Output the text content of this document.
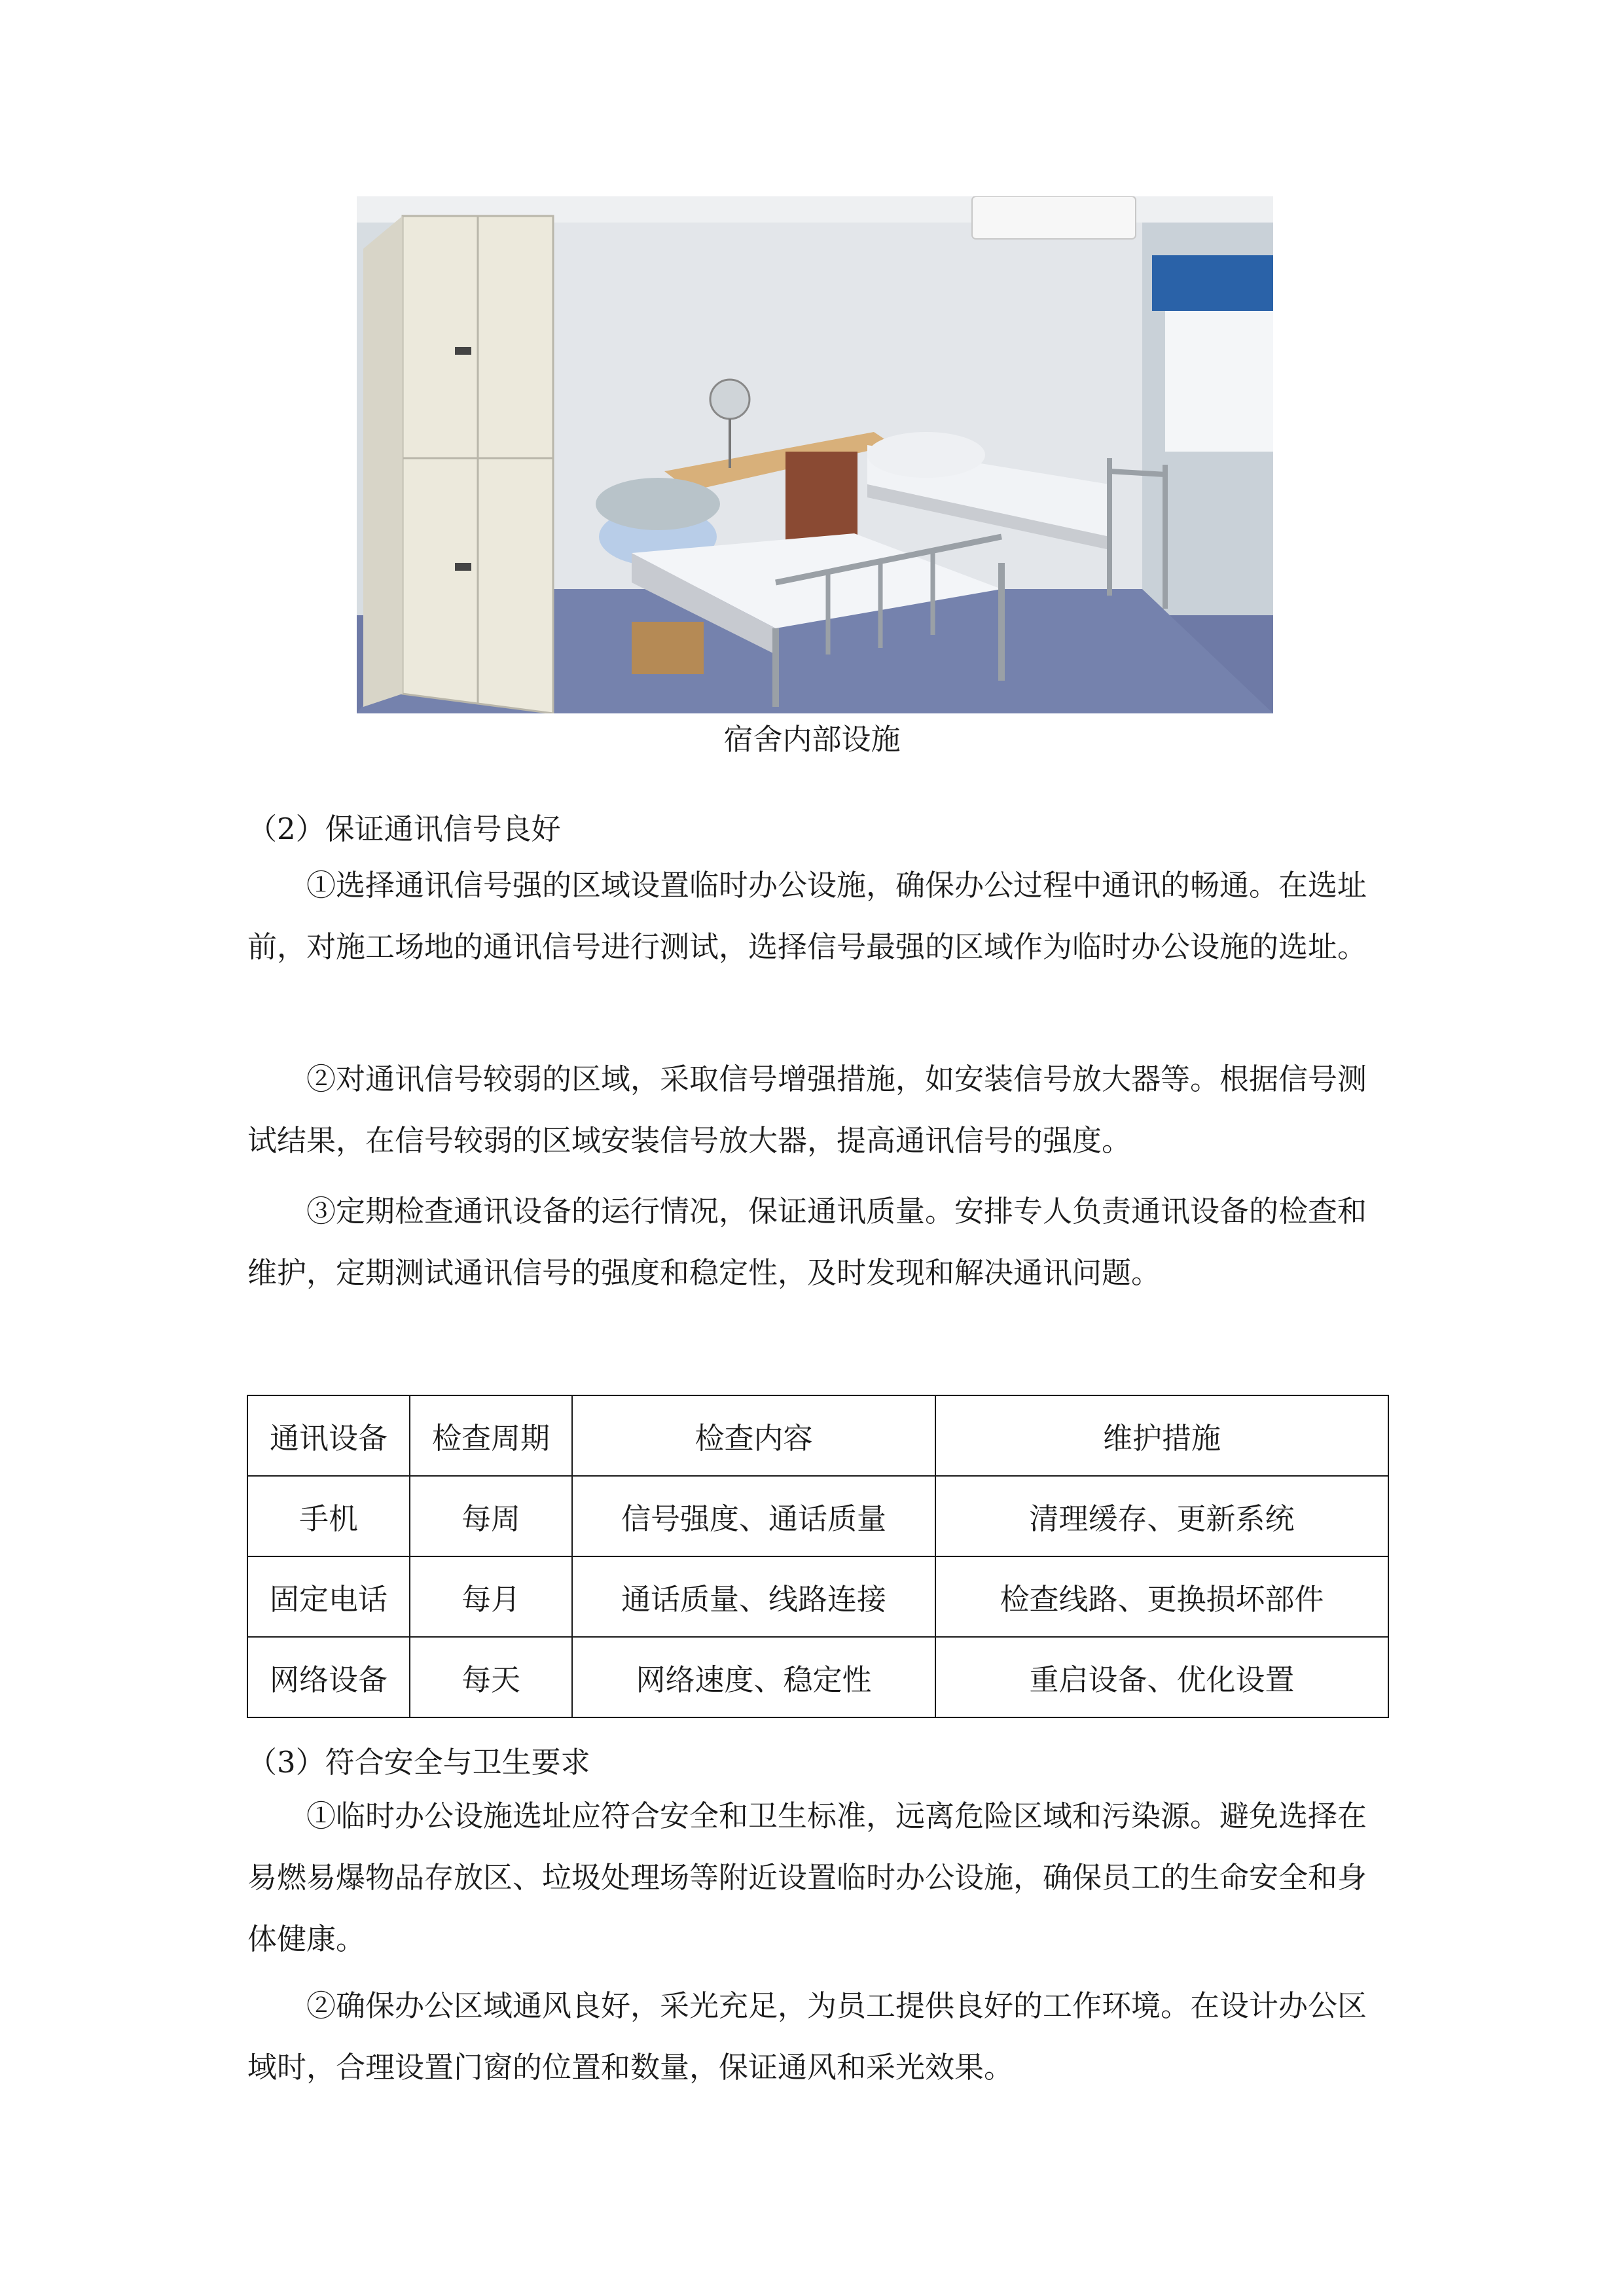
宿舍内部设施

（2）保证通讯信号良好

①选择通讯信号强的区域设置临时办公设施，确保办公过程中通讯的畅通。在选址前，对施工场地的通讯信号进行测试，选择信号最强的区域作为临时办公设施的选址。

②对通讯信号较弱的区域，采取信号增强措施，如安装信号放大器等。根据信号测试结果，在信号较弱的区域安装信号放大器，提高通讯信号的强度。

③定期检查通讯设备的运行情况，保证通讯质量。安排专人负责通讯设备的检查和维护，定期测试通讯信号的强度和稳定性，及时发现和解决通讯问题。

通讯设备	检查周期	检查内容	维护措施
手机	每周	信号强度、通话质量	清理缓存、更新系统
固定电话	每月	通话质量、线路连接	检查线路、更换损坏部件
网络设备	每天	网络速度、稳定性	重启设备、优化设置

（3）符合安全与卫生要求

①临时办公设施选址应符合安全和卫生标准，远离危险区域和污染源。避免选择在易燃易爆物品存放区、垃圾处理场等附近设置临时办公设施，确保员工的生命安全和身体健康。

②确保办公区域通风良好，采光充足，为员工提供良好的工作环境。在设计办公区域时，合理设置门窗的位置和数量，保证通风和采光效果。
